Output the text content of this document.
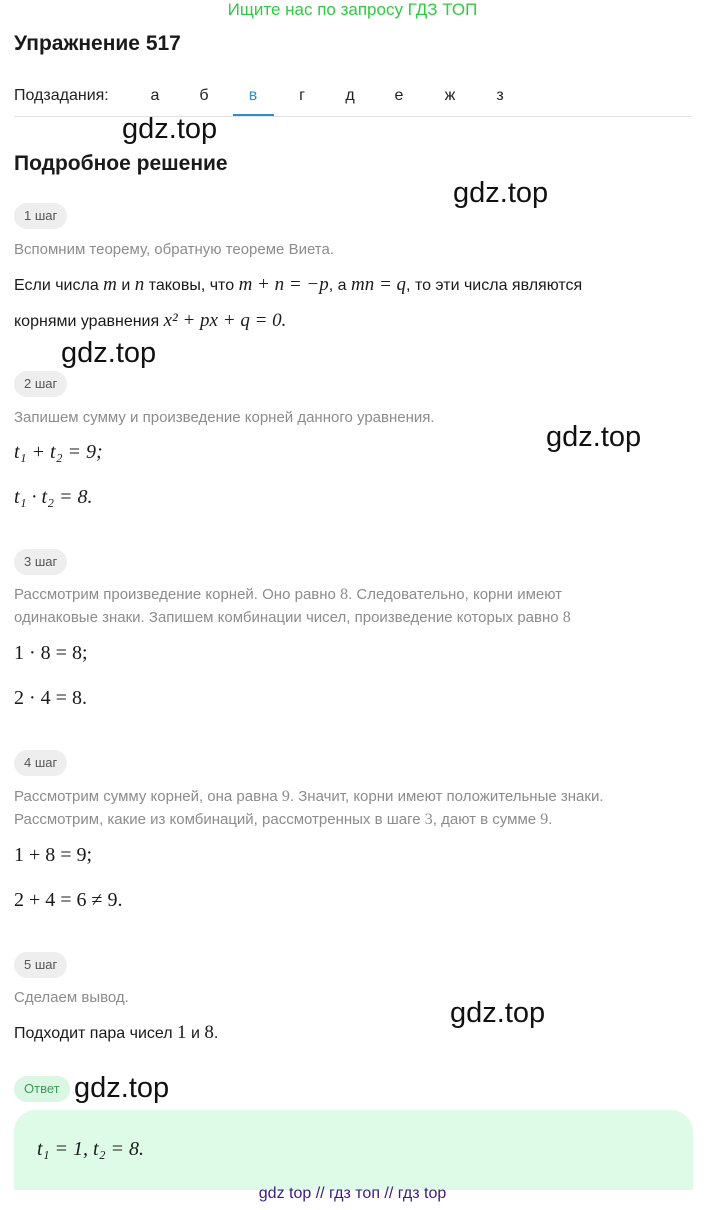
Ищите нас по запросу ГДЗ ТОП
Упражнение 517
Подзадания:	а	б	в	г	д	е	ж	з
gdz.top
gdz.top
gdz.top
gdz.top
gdz.top
gdz.top
Подробное решение
1 шаг
Вспомним теорему, обратную теореме Виета.
Если числа m и n таковы, что m + n = −p, а mn = q, то эти числа являются
корнями уравнения x² + px + q = 0.
2 шаг
Запишем сумму и произведение корней данного уравнения.
t₁ + t₂ = 9;
t₁ · t₂ = 8.
3 шаг
Рассмотрим произведение корней. Оно равно 8. Следовательно, корни имеют
одинаковые знаки. Запишем комбинации чисел, произведение которых равно 8
1 · 8 = 8;
2 · 4 = 8.
4 шаг
Рассмотрим сумму корней, она равна 9. Значит, корни имеют положительные знаки.
Рассмотрим, какие из комбинаций, рассмотренных в шаге 3, дают в сумме 9.
1 + 8 = 9;
2 + 4 = 6 ≠ 9.
5 шаг
Сделаем вывод.
Подходит пара чисел 1 и 8.
Ответ
t₁ = 1, t₂ = 8.
gdz top // гдз топ // гдз top
